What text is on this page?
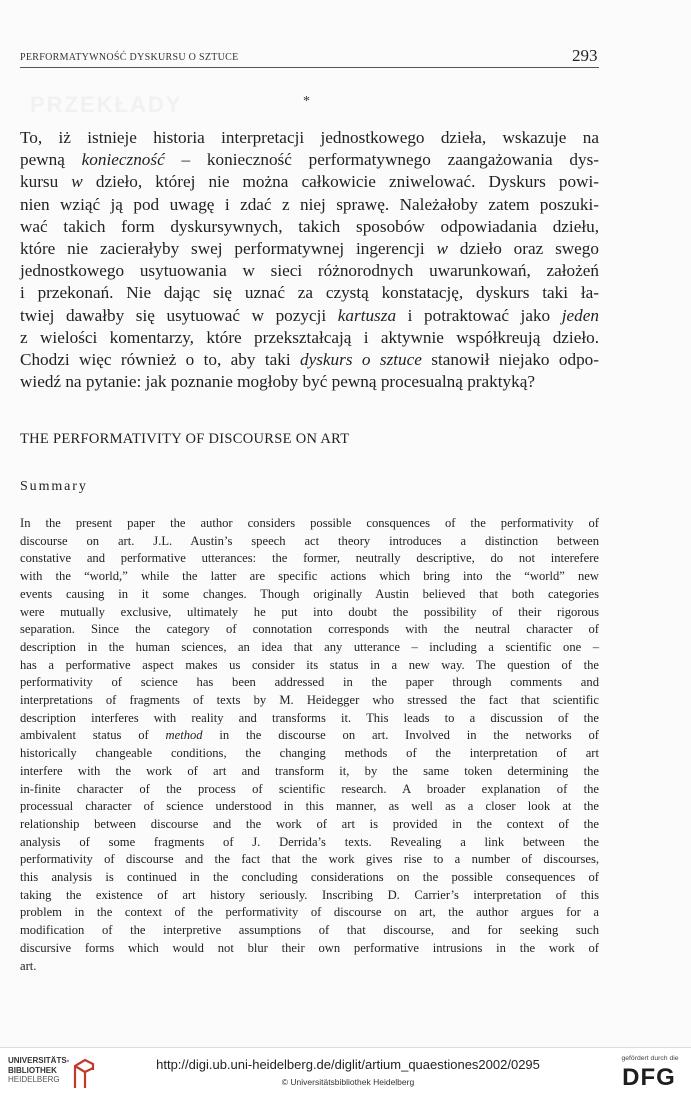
PRZEKŁADY
PERFORMATYWNOŚĆ DYSKURSU O SZTUCE	293
*
To, iż istnieje historia interpretacji jednostkowego dzieła, wskazuje na
pewną konieczność – konieczność performatywnego zaangażowania dys-
kursu w dzieło, której nie można całkowicie zniwelować. Dyskurs powi-
nien wziąć ją pod uwagę i zdać z niej sprawę. Należałoby zatem poszuki-
wać takich form dyskursywnych, takich sposobów odpowiadania dziełu,
które nie zacierałyby swej performatywnej ingerencji w dzieło oraz swego
jednostkowego usytuowania w sieci różnorodnych uwarunkowań, założeń
i przekonań. Nie dając się uznać za czystą konstatację, dyskurs taki ła-
twiej dawałby się usytuować w pozycji kartusza i potraktować jako jeden
z wielości komentarzy, które przekształcają i aktywnie współkreują dzieło.
Chodzi więc również o to, aby taki dyskurs o sztuce stanowił niejako odpo-
wiedź na pytanie: jak poznanie mogłoby być pewną procesualną praktyką?
THE PERFORMATIVITY OF DISCOURSE ON ART
Summary
In the present paper the author considers possible consquences of the performativity of
discourse on art. J.L. Austin’s speech act theory introduces a distinction between
constative and performative utterances: the former, neutrally descriptive, do not interefere
with the “world,” while the latter are specific actions which bring into the “world” new
events causing in it some changes. Though originally Austin believed that both categories
were mutually exclusive, ultimately he put into doubt the possibility of their rigorous
separation. Since the category of connotation corresponds with the neutral character of
description in the human sciences, an idea that any utterance – including a scientific one –
has a performative aspect makes us consider its status in a new way. The question of the
performativity of science has been addressed in the paper through comments and
interpretations of fragments of texts by M. Heidegger who stressed the fact that scientific
description interferes with reality and transforms it. This leads to a discussion of the
ambivalent status of method in the discourse on art. Involved in the networks of
historically changeable conditions, the changing methods of the interpretation of art
interfere with the work of art and transform it, by the same token determining the
in-finite character of the process of scientific research. A broader explanation of the
processual character of science understood in this manner, as well as a closer look at the
relationship between discourse and the work of art is provided in the context of the
analysis of some fragments of J. Derrida’s texts. Revealing a link between the
performativity of discourse and the fact that the work gives rise to a number of discourses,
this analysis is continued in the concluding considerations on the possible consequences of
taking the existence of art history seriously. Inscribing D. Carrier’s interpretation of this
problem in the context of the performativity of discourse on art, the author argues for a
modification of the interpretive assumptions of that discourse, and for seeking such
discursive forms which would not blur their own performative intrusions in the work of
art.
UNIVERSITÄTS-
BIBLIOTHEK
HEIDELBERG
http://digi.ub.uni-heidelberg.de/diglit/artium_quaestiones2002/0295
© Universitätsbibliothek Heidelberg
gefördert durch die
DFG
